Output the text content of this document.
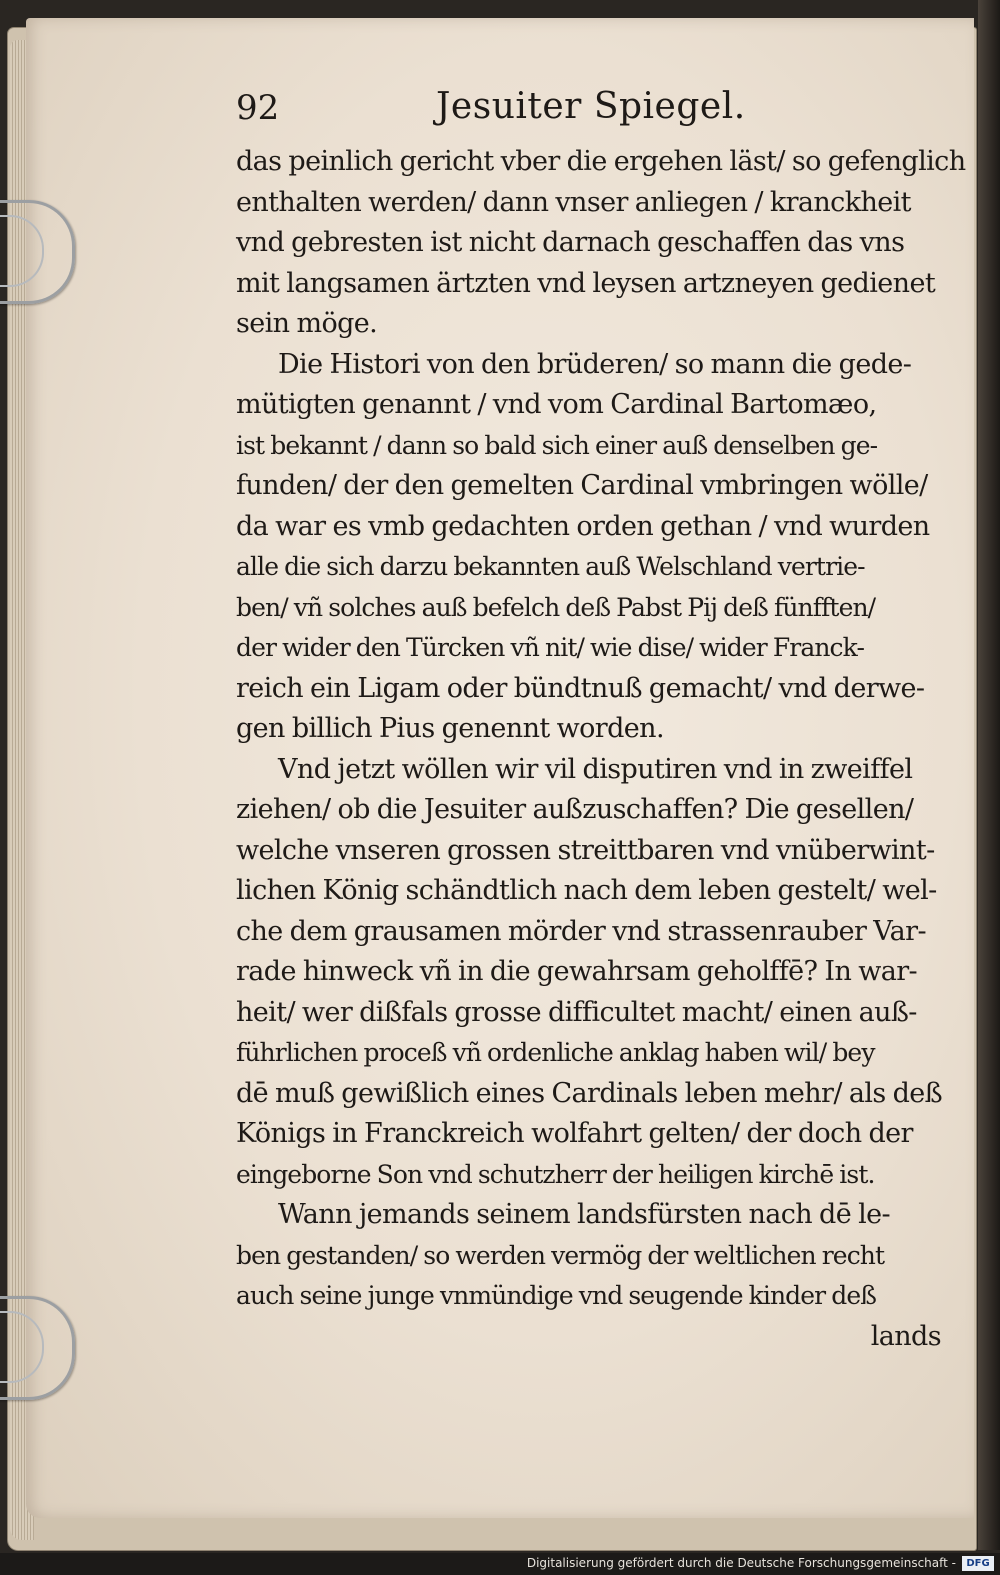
92	Jesuiter Spiegel.
das peinlich gericht vber die ergehen läst/ so gefenglich
enthalten werden/ dann vnser anliegen / kranckheit
vnd gebresten ist nicht darnach geschaffen das vns
mit langsamen ärtzten vnd leysen artzneyen gedienet
sein möge.
Die Histori von den brüderen/ so mann die gede-
mütigten genannt / vnd vom Cardinal Bartomæo,
ist bekannt / dann so bald sich einer auß denselben ge-
funden/ der den gemelten Cardinal vmbringen wölle/
da war es vmb gedachten orden gethan / vnd wurden
alle die sich darzu bekannten auß Welschland vertrie-
ben/ vñ solches auß befelch deß Pabst Pij deß fünfften/
der wider den Türcken vñ nit/ wie dise/ wider Franck-
reich ein Ligam oder bündtnuß gemacht/ vnd derwe-
gen billich Pius genennt worden.
Vnd jetzt wöllen wir vil disputiren vnd in zweiffel
ziehen/ ob die Jesuiter außzuschaffen? Die gesellen/
welche vnseren grossen streittbaren vnd vnüberwint-
lichen König schändtlich nach dem leben gestelt/ wel-
che dem grausamen mörder vnd strassenrauber Var-
rade hinweck vñ in die gewahrsam geholffē? In war-
heit/ wer dißfals grosse difficultet macht/ einen auß-
führlichen proceß vñ ordenliche anklag haben wil/ bey
dē muß gewißlich eines Cardinals leben mehr/ als deß
Königs in Franckreich wolfahrt gelten/ der doch der
eingeborne Son vnd schutzherr der heiligen kirchē ist.
Wann jemands seinem landsfürsten nach dē le-
ben gestanden/ so werden vermög der weltlichen recht
auch seine junge vnmündige vnd seugende kinder deß
lands
Digitalisierung gefördert durch die Deutsche Forschungsgemeinschaft -	DFG
